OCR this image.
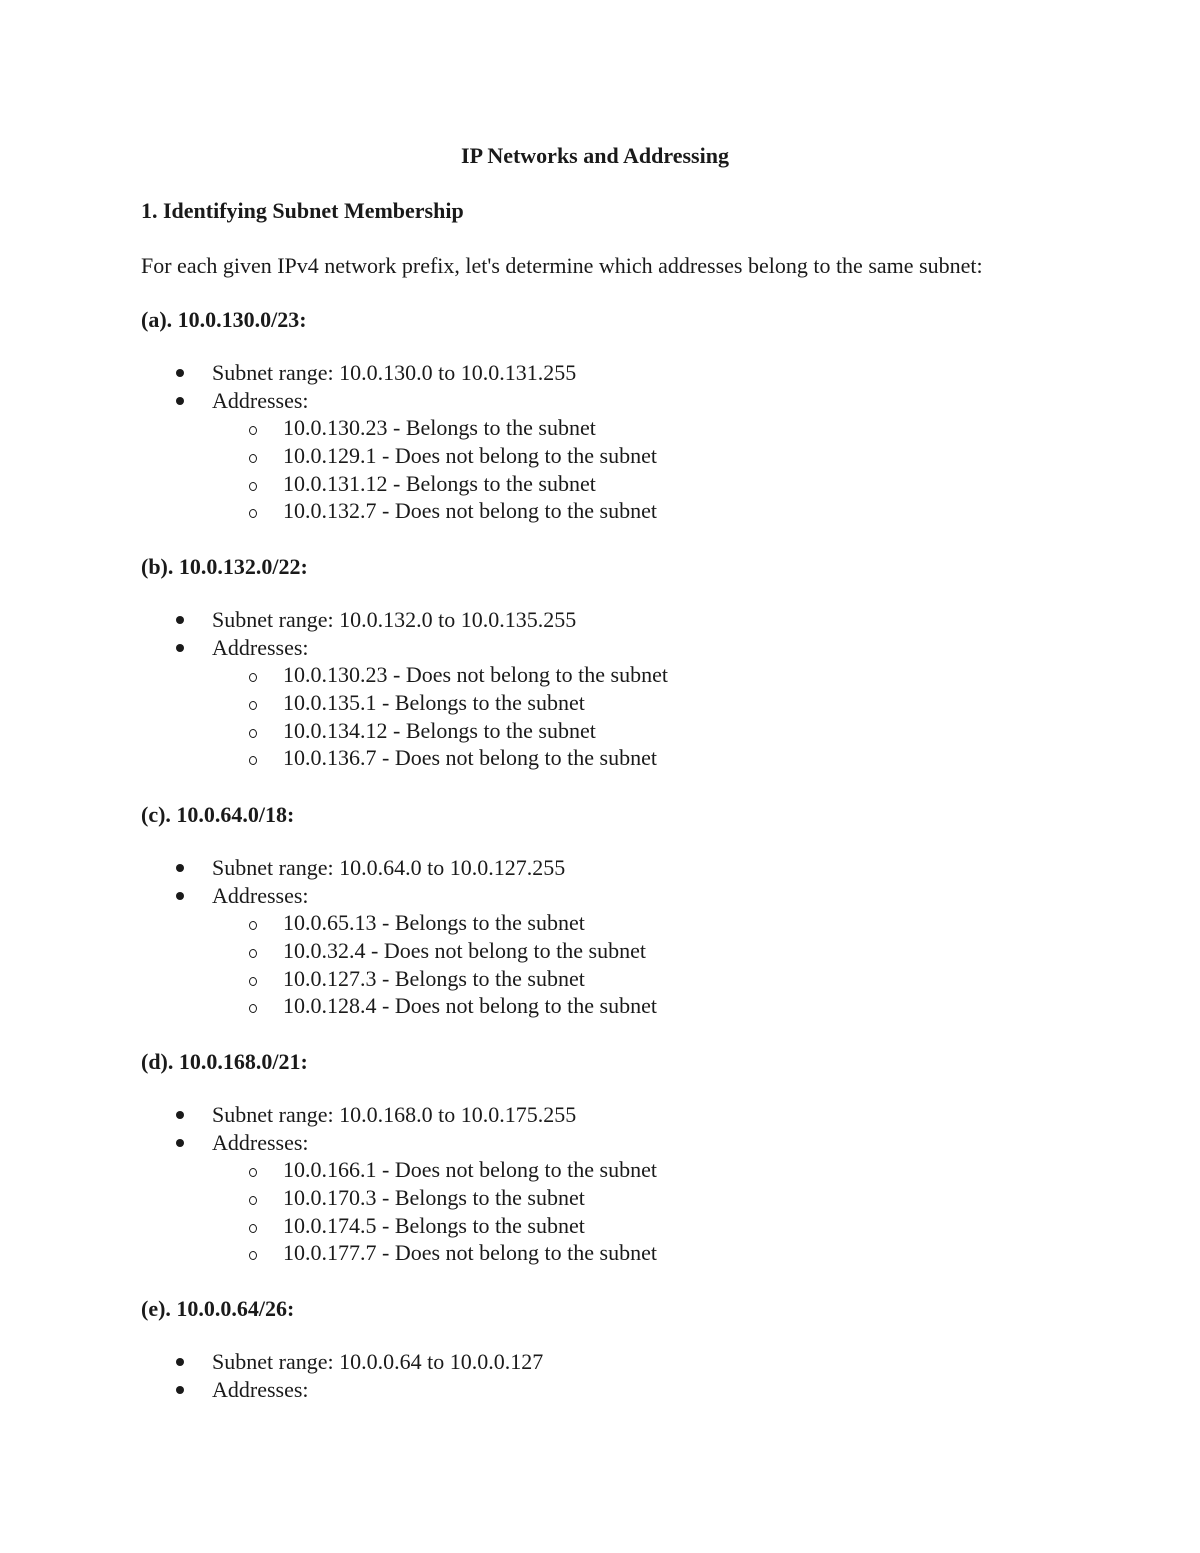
IP Networks and Addressing
1. Identifying Subnet Membership
For each given IPv4 network prefix, let's determine which addresses belong to the same subnet:
(a). 10.0.130.0/23:
Subnet range: 10.0.130.0 to 10.0.131.255
Addresses:
10.0.130.23 - Belongs to the subnet
10.0.129.1 - Does not belong to the subnet
10.0.131.12 - Belongs to the subnet
10.0.132.7 - Does not belong to the subnet
(b). 10.0.132.0/22:
Subnet range: 10.0.132.0 to 10.0.135.255
Addresses:
10.0.130.23 - Does not belong to the subnet
10.0.135.1 - Belongs to the subnet
10.0.134.12 - Belongs to the subnet
10.0.136.7 - Does not belong to the subnet
(c). 10.0.64.0/18:
Subnet range: 10.0.64.0 to 10.0.127.255
Addresses:
10.0.65.13 - Belongs to the subnet
10.0.32.4 - Does not belong to the subnet
10.0.127.3 - Belongs to the subnet
10.0.128.4 - Does not belong to the subnet
(d). 10.0.168.0/21:
Subnet range: 10.0.168.0 to 10.0.175.255
Addresses:
10.0.166.1 - Does not belong to the subnet
10.0.170.3 - Belongs to the subnet
10.0.174.5 - Belongs to the subnet
10.0.177.7 - Does not belong to the subnet
(e). 10.0.0.64/26:
Subnet range: 10.0.0.64 to 10.0.0.127
Addresses:
